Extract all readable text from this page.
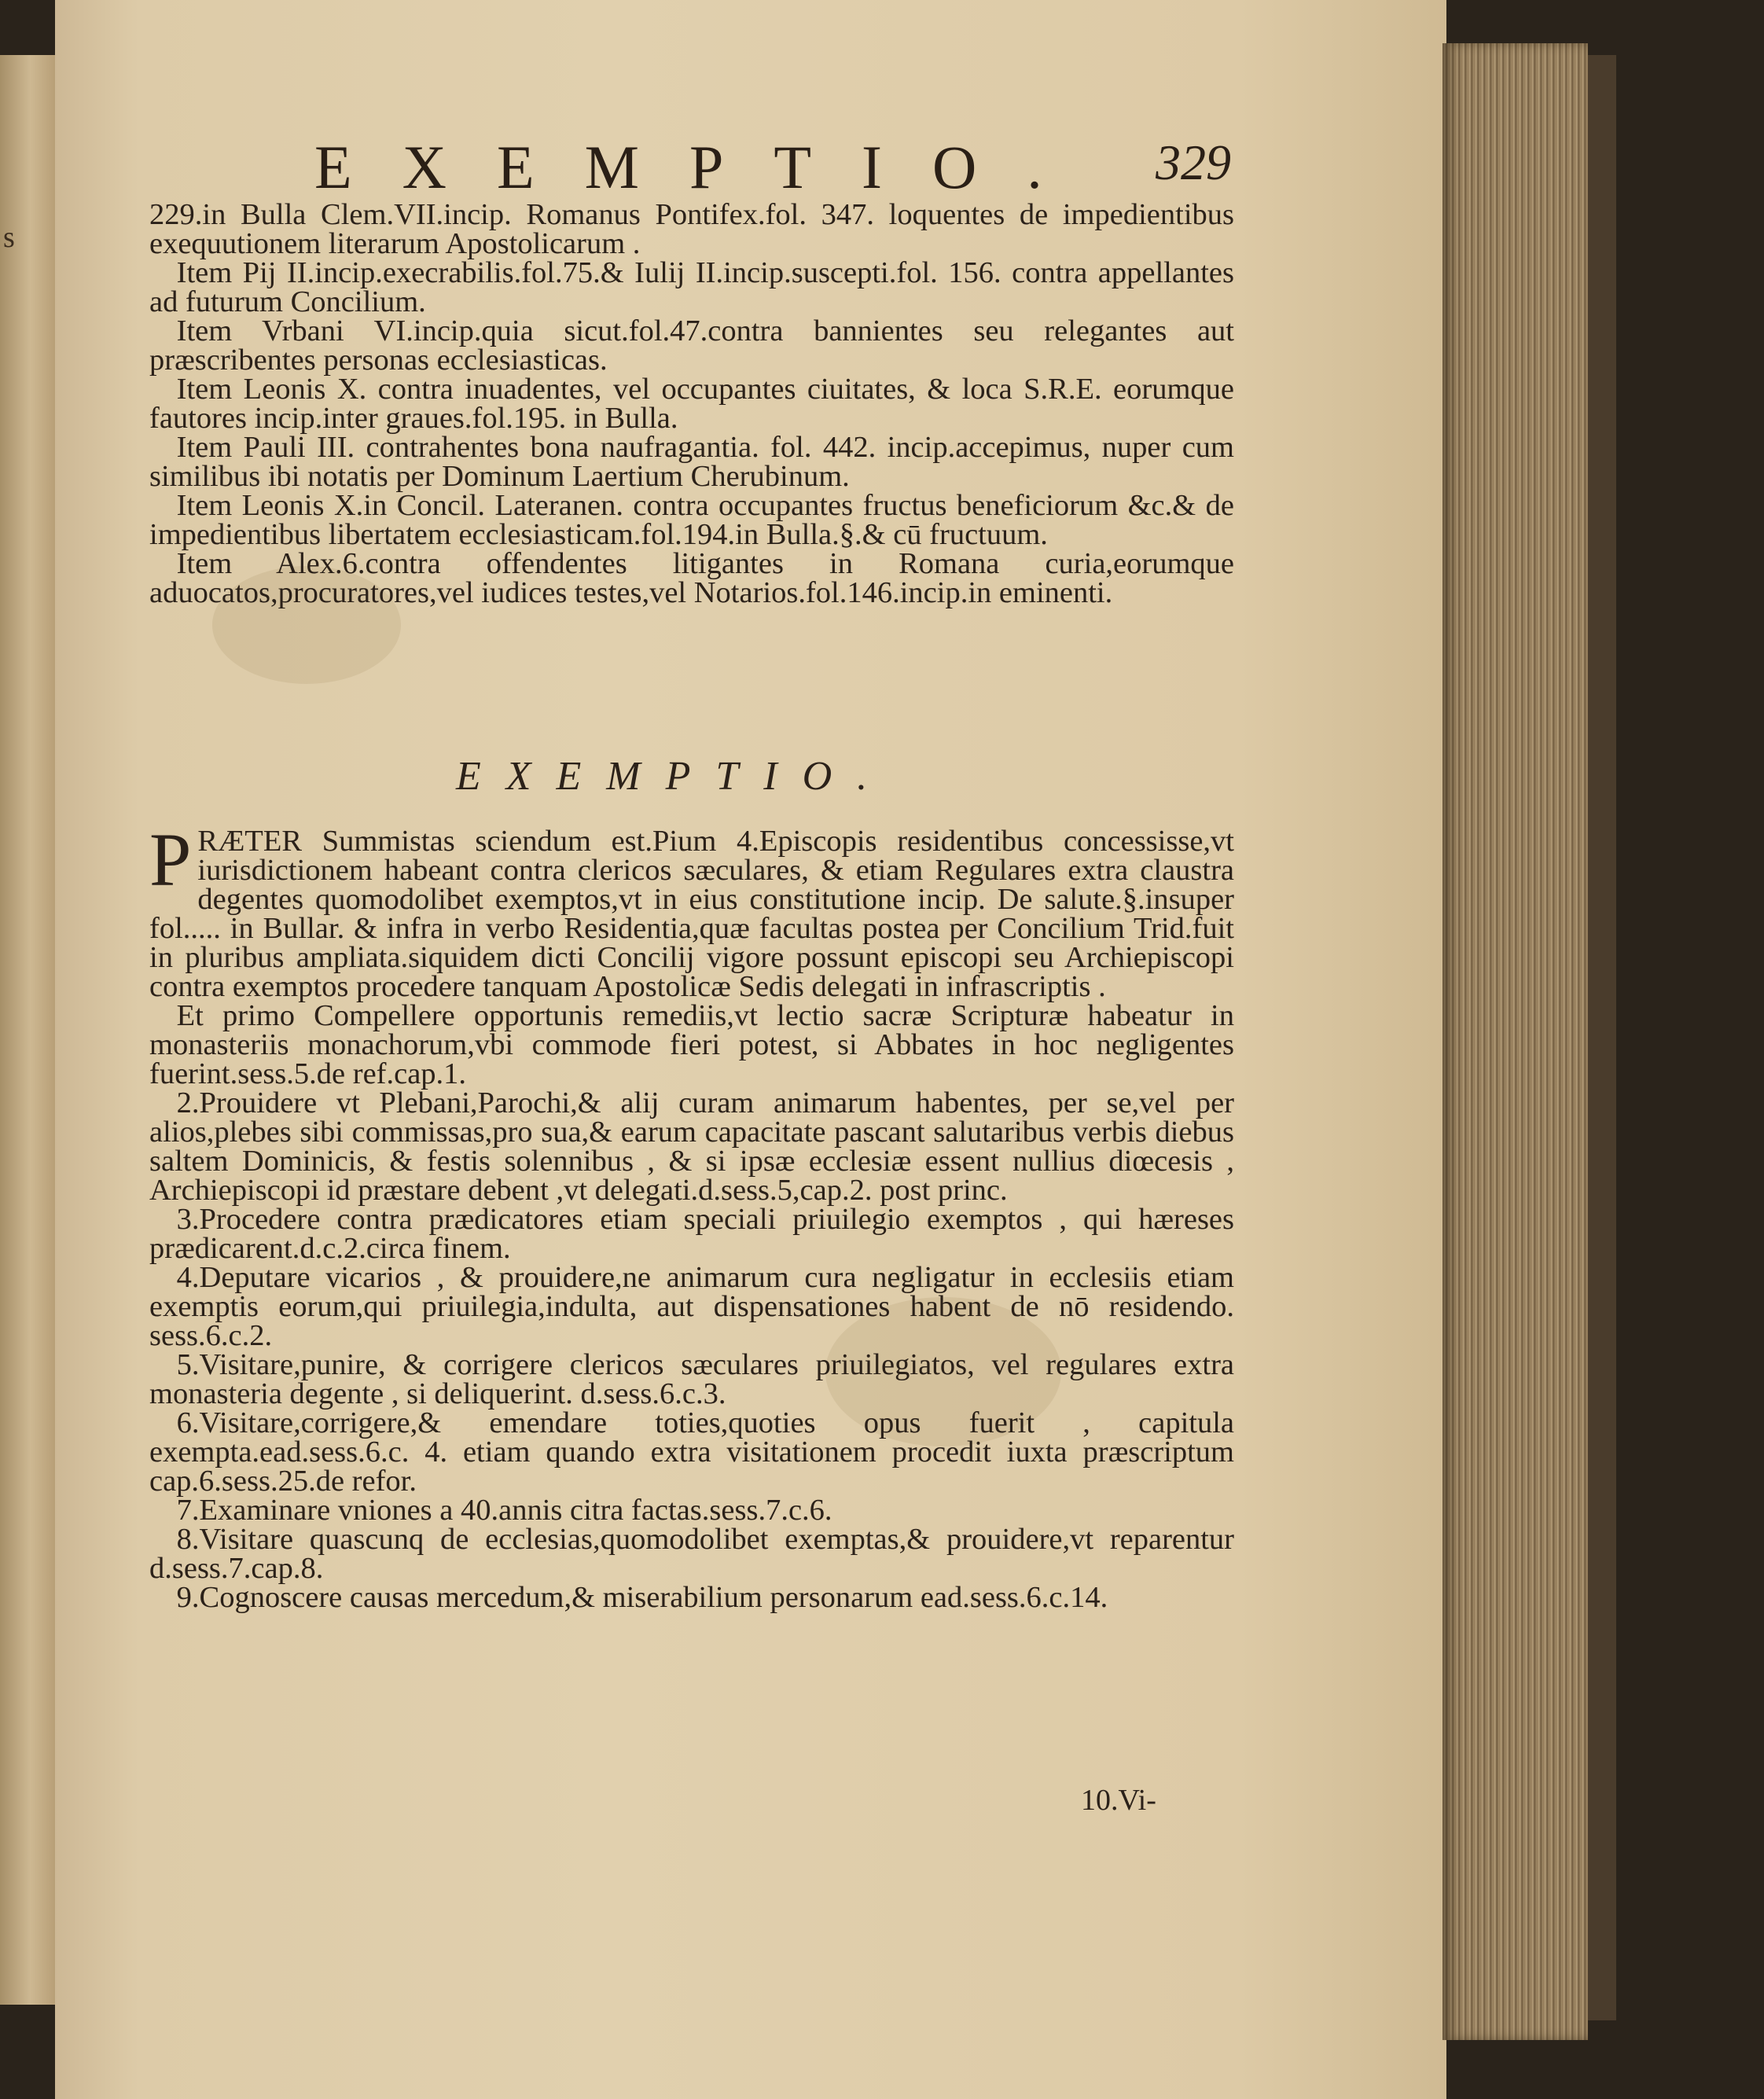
s
EXEMPTIO.	329

229.in Bulla Clem.VII.incip. Romanus Pontifex.fol. 347. loquentes de impedientibus exequutionem literarum Apostolicarum .

Item Pij II.incip.execrabilis.fol.75.& Iulij II.incip.suscepti.fol. 156. contra appellantes ad futurum Concilium.

Item Vrbani VI.incip.quia sicut.fol.47.contra bannientes seu relegantes aut præscribentes personas ecclesiasticas.

Item Leonis X. contra inuadentes, vel occupantes ciuitates, & loca S.R.E. eorumque fautores incip.inter graues.fol.195. in Bulla.

Item Pauli III. contrahentes bona naufragantia. fol. 442. incip.accepimus, nuper cum similibus ibi notatis per Dominum Laertium Cherubinum.

Item Leonis X.in Concil. Lateranen. contra occupantes fructus beneficiorum &c.& de impedientibus libertatem ecclesiasticam.fol.194.in Bulla.§.& cū fructuum.

Item Alex.6.contra offendentes litigantes in Romana curia,eorumque aduocatos,procuratores,vel iudices testes,vel Notarios.fol.146.incip.in eminenti.

EXEMPTIO.

P RÆTER Summistas sciendum est.Pium 4.Episcopis residentibus concessisse,vt iurisdictionem habeant contra clericos sæculares, & etiam Regulares extra claustra degentes quomodolibet exemptos,vt in eius constitutione incip. De salute.§.insuper fol..... in Bullar. & infra in verbo Residentia,quæ facultas postea per Concilium Trid.fuit in pluribus ampliata.siquidem dicti Concilij vigore possunt episcopi seu Archiepiscopi contra exemptos procedere tanquam Apostolicæ Sedis delegati in infrascriptis .

Et primo Compellere opportunis remediis,vt lectio sacræ Scripturæ habeatur in monasteriis monachorum,vbi commode fieri potest, si Abbates in hoc negligentes fuerint.sess.5.de ref.cap.1.

2.Prouidere vt Plebani,Parochi,& alij curam animarum habentes, per se,vel per alios,plebes sibi commissas,pro sua,& earum capacitate pascant salutaribus verbis diebus saltem Dominicis, & festis solennibus , & si ipsæ ecclesiæ essent nullius diœcesis , Archiepiscopi id præstare debent ,vt delegati.d.sess.5,cap.2. post princ.

3.Procedere contra prædicatores etiam speciali priuilegio exemptos , qui hæreses prædicarent.d.c.2.circa finem.

4.Deputare vicarios , & prouidere,ne animarum cura negligatur in ecclesiis etiam exemptis eorum,qui priuilegia,indulta, aut dispensationes habent de nō residendo. sess.6.c.2.

5.Visitare,punire, & corrigere clericos sæculares priuilegiatos, vel regulares extra monasteria degente , si deliquerint. d.sess.6.c.3.

6.Visitare,corrigere,& emendare toties,quoties opus fuerit , capitula exempta.ead.sess.6.c. 4. etiam quando extra visitationem procedit iuxta præscriptum cap.6.sess.25.de refor.

7.Examinare vniones a 40.annis citra factas.sess.7.c.6.

8.Visitare quascunq de ecclesias,quomodolibet exemptas,& prouidere,vt reparentur d.sess.7.cap.8.

9.Cognoscere causas mercedum,& miserabilium personarum ead.sess.6.c.14.

10.Vi-
